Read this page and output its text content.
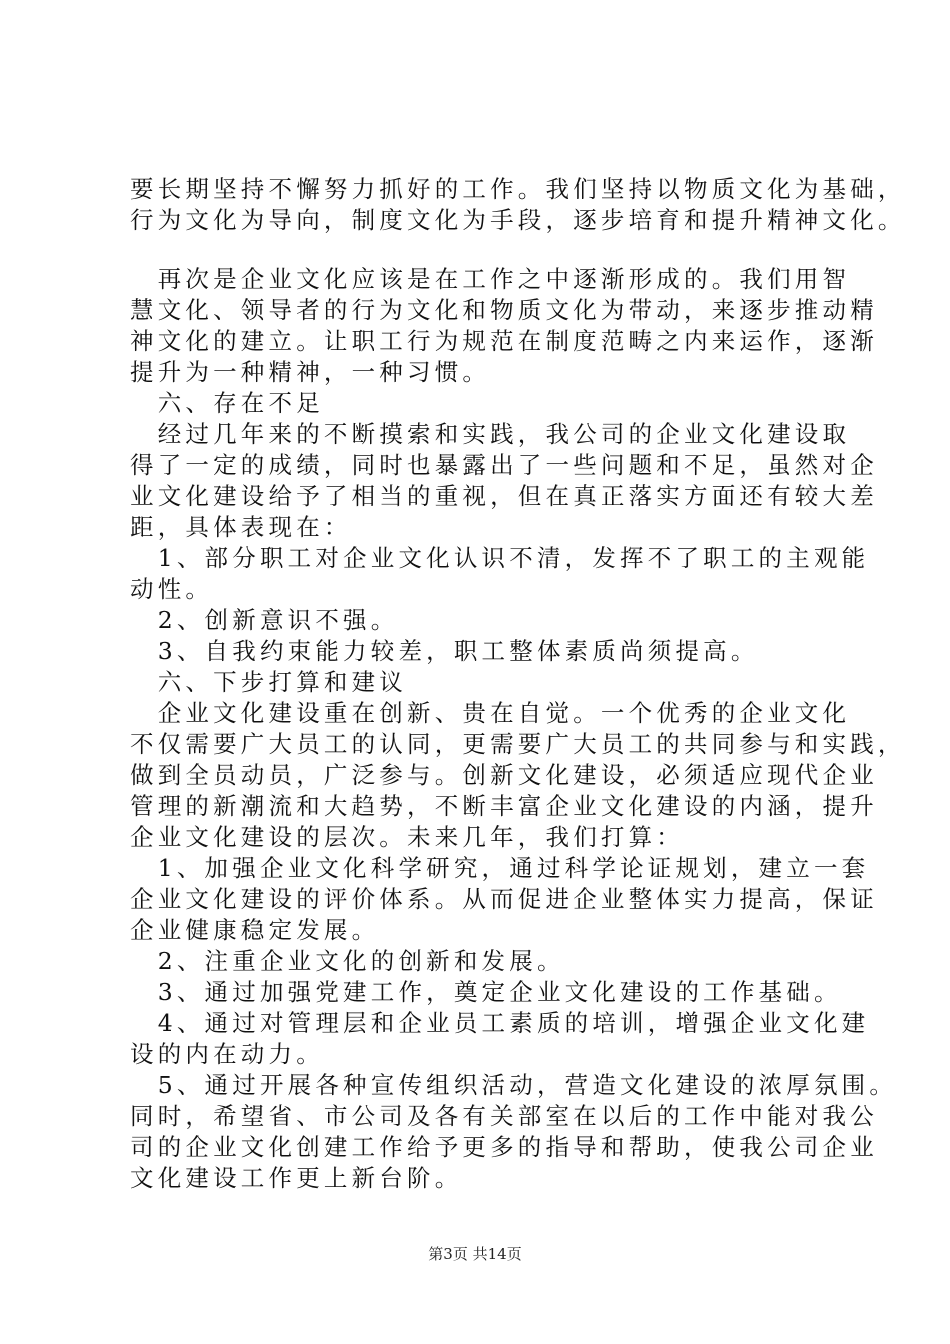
要长期坚持不懈努力抓好的工作。我们坚持以物质文化为基础，
行为文化为导向，制度文化为手段，逐步培育和提升精神文化。
　再次是企业文化应该是在工作之中逐渐形成的。我们用智
慧文化、领导者的行为文化和物质文化为带动，来逐步推动精
神文化的建立。让职工行为规范在制度范畴之内来运作，逐渐
提升为一种精神，一种习惯。
　六、存在不足
　经过几年来的不断摸索和实践，我公司的企业文化建设取
得了一定的成绩，同时也暴露出了一些问题和不足，虽然对企
业文化建设给予了相当的重视，但在真正落实方面还有较大差
距，具体表现在：
　1、部分职工对企业文化认识不清，发挥不了职工的主观能
动性。
　2、创新意识不强。
　3、自我约束能力较差，职工整体素质尚须提高。
　六、下步打算和建议
　企业文化建设重在创新、贵在自觉。一个优秀的企业文化
不仅需要广大员工的认同，更需要广大员工的共同参与和实践，
做到全员动员，广泛参与。创新文化建设，必须适应现代企业
管理的新潮流和大趋势，不断丰富企业文化建设的内涵，提升
企业文化建设的层次。未来几年，我们打算：
　1、加强企业文化科学研究，通过科学论证规划，建立一套
企业文化建设的评价体系。从而促进企业整体实力提高，保证
企业健康稳定发展。
　2、注重企业文化的创新和发展。
　3、通过加强党建工作，奠定企业文化建设的工作基础。
　4、通过对管理层和企业员工素质的培训，增强企业文化建
设的内在动力。
　5、通过开展各种宣传组织活动，营造文化建设的浓厚氛围。
同时，希望省、市公司及各有关部室在以后的工作中能对我公
司的企业文化创建工作给予更多的指导和帮助，使我公司企业
文化建设工作更上新台阶。
第3页 共14页
